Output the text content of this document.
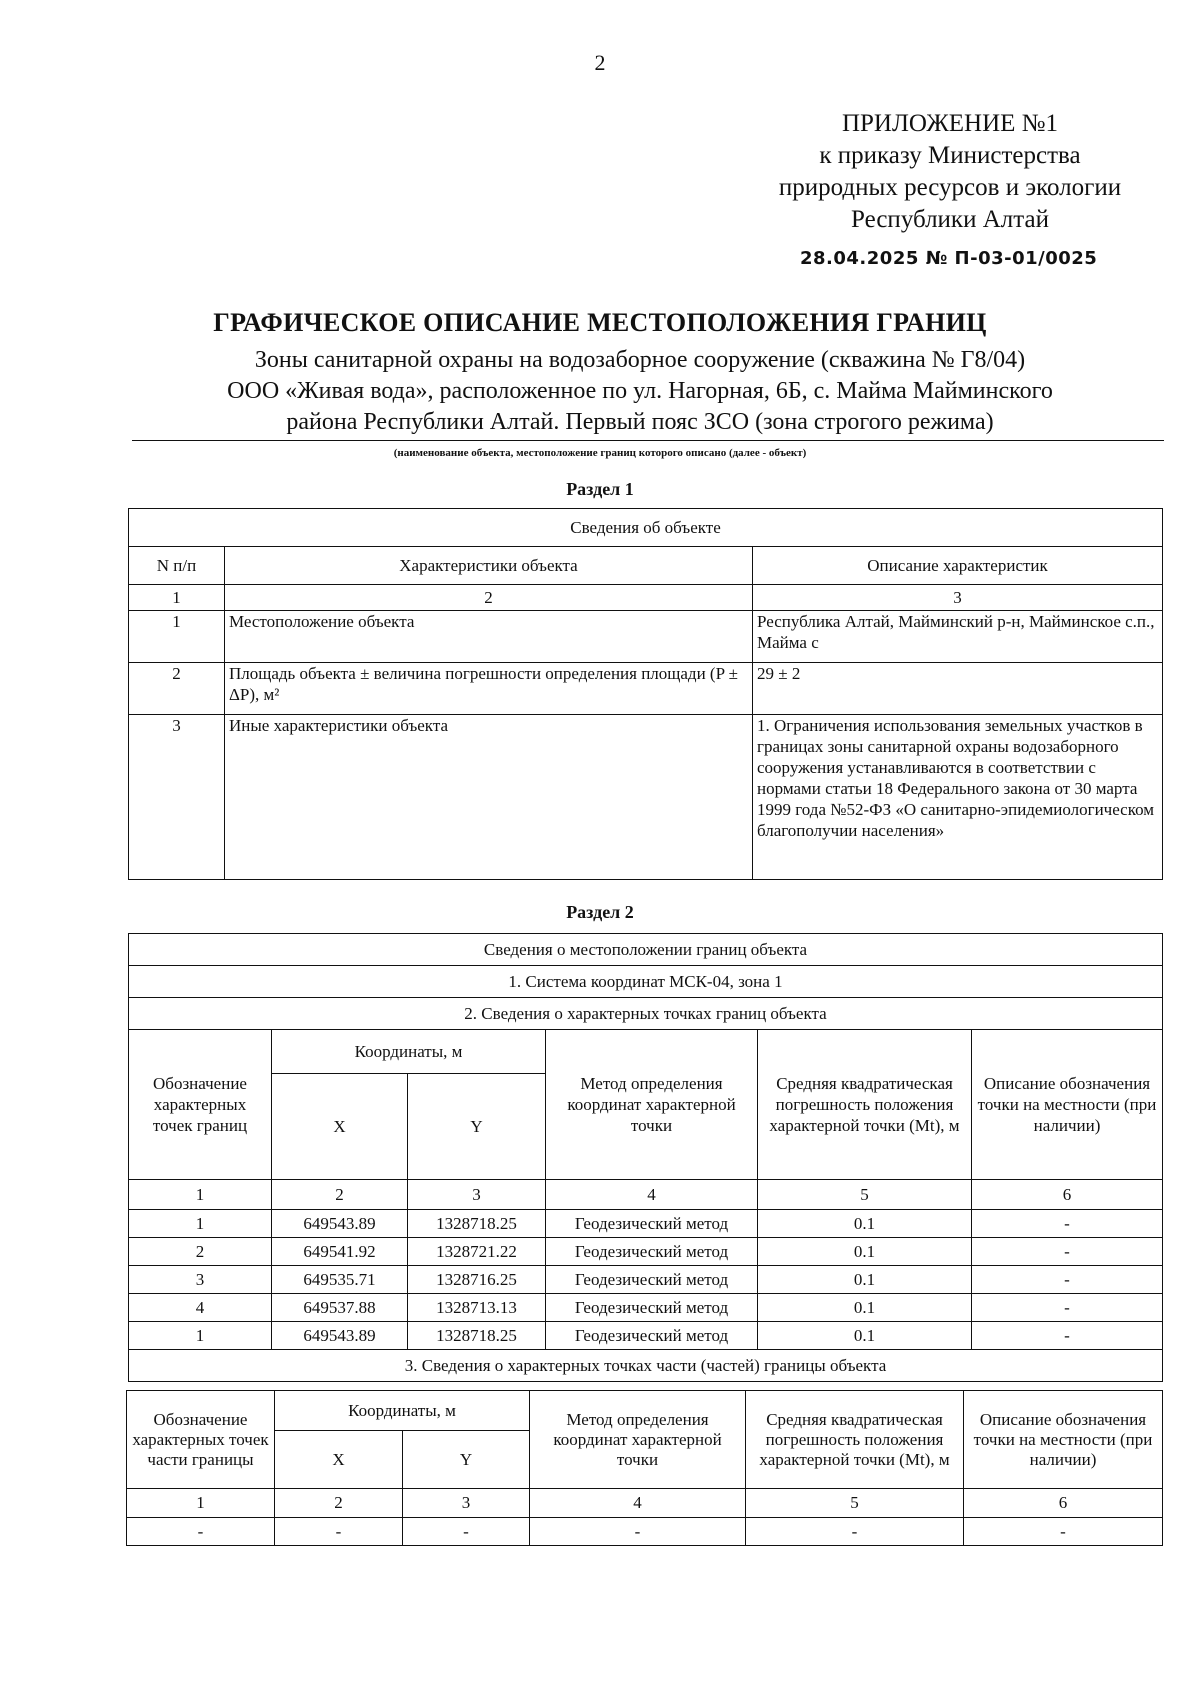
2
ПРИЛОЖЕНИЕ №1
к приказу Министерства
природных ресурсов и экологии
Республики Алтай
28.04.2025 № П-03-01/0025
ГРАФИЧЕСКОЕ ОПИСАНИЕ МЕСТОПОЛОЖЕНИЯ ГРАНИЦ
Зоны санитарной охраны на водозаборное сооружение (скважина № Г8/04)
ООО «Живая вода», расположенное по ул. Нагорная, 6Б, с. Майма Майминского
района Республики Алтай. Первый пояс ЗСО (зона строгого режима)
(наименование объекта, местоположение границ которого описано (далее - объект)
Раздел 1
Сведения об объекте		
N п/п	Характеристики объекта	Описание характеристик
1	2	3
1	Местоположение объекта	Республика Алтай, Майминский р-н, Майминское с.п., Майма с
2	Площадь объекта ± величина погрешности определения площади (P ± ΔP), м²	29 ± 2
3	Иные характеристики объекта	1. Ограничения использования земельных участков в границах зоны санитарной охраны водозаборного сооружения устанавливаются в соответствии с нормами статьи 18 Федерального закона от 30 марта 1999 года №52-ФЗ «О санитарно-эпидемиологическом благополучии населения»
Раздел 2
Сведения о местоположении границ объекта					
1. Система координат МСК-04, зона 1					
2. Сведения о характерных точках границ объекта					
Обозначение характерных точек границ	Координаты, м		Метод определения координат характерной точки	Средняя квадратическая погрешность положения характерной точки (Mt), м	Описание обозначения точки на местности (при наличии)
	X	Y			
1	2	3	4	5	6
1	649543.89	1328718.25	Геодезический метод	0.1	-
2	649541.92	1328721.22	Геодезический метод	0.1	-
3	649535.71	1328716.25	Геодезический метод	0.1	-
4	649537.88	1328713.13	Геодезический метод	0.1	-
1	649543.89	1328718.25	Геодезический метод	0.1	-
3. Сведения о характерных точках части (частей) границы объекта					
Обозначение характерных точек части границы	Координаты, м		Метод определения координат характерной точки	Средняя квадратическая погрешность положения характерной точки (Mt), м	Описание обозначения точки на местности (при наличии)
	X	Y			
1	2	3	4	5	6
-	-	-	-	-	-
